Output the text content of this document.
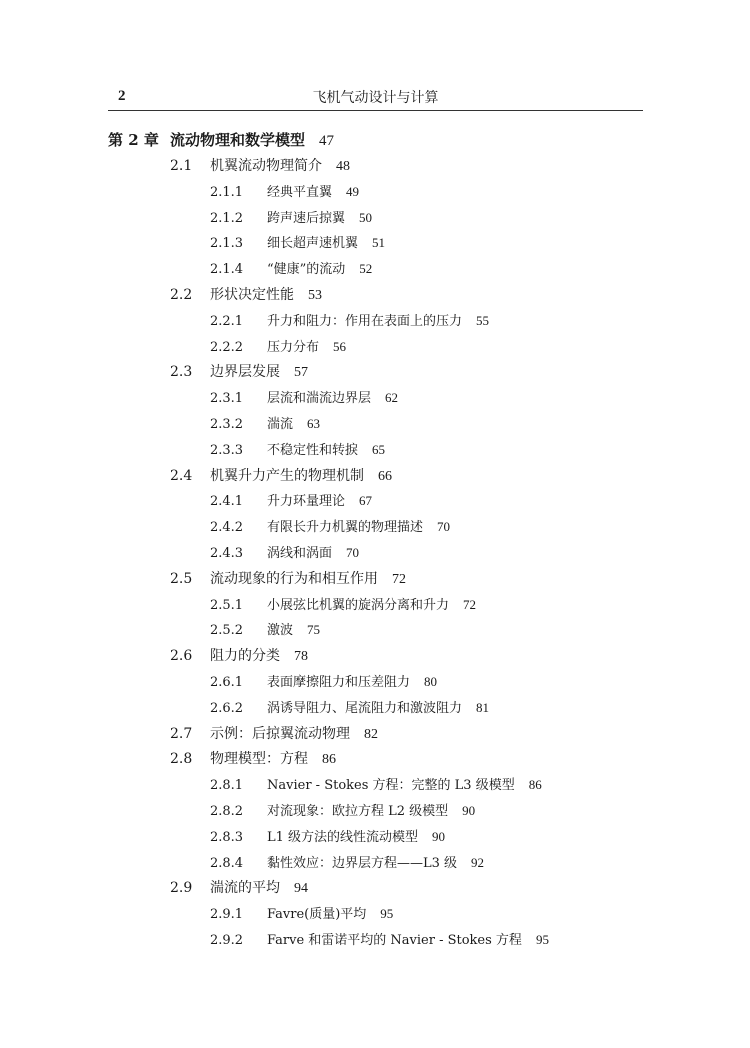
2	飞机气动设计与计算
第 2 章 流动物理和数学模型 47
2.1 机翼流动物理简介 48
2.1.1 经典平直翼 49
2.1.2 跨声速后掠翼 50
2.1.3 细长超声速机翼 51
2.1.4 “健康”的流动 52
2.2 形状决定性能 53
2.2.1 升力和阻力：作用在表面上的压力 55
2.2.2 压力分布 56
2.3 边界层发展 57
2.3.1 层流和湍流边界层 62
2.3.2 湍流 63
2.3.3 不稳定性和转捩 65
2.4 机翼升力产生的物理机制 66
2.4.1 升力环量理论 67
2.4.2 有限长升力机翼的物理描述 70
2.4.3 涡线和涡面 70
2.5 流动现象的行为和相互作用 72
2.5.1 小展弦比机翼的旋涡分离和升力 72
2.5.2 激波 75
2.6 阻力的分类 78
2.6.1 表面摩擦阻力和压差阻力 80
2.6.2 涡诱导阻力、尾流阻力和激波阻力 81
2.7 示例：后掠翼流动物理 82
2.8 物理模型：方程 86
2.8.1 Navier - Stokes 方程：完整的 L3 级模型 86
2.8.2 对流现象：欧拉方程 L2 级模型 90
2.8.3 L1 级方法的线性流动模型 90
2.8.4 黏性效应：边界层方程——L3 级 92
2.9 湍流的平均 94
2.9.1 Favre(质量)平均 95
2.9.2 Farve 和雷诺平均的 Navier - Stokes 方程 95
